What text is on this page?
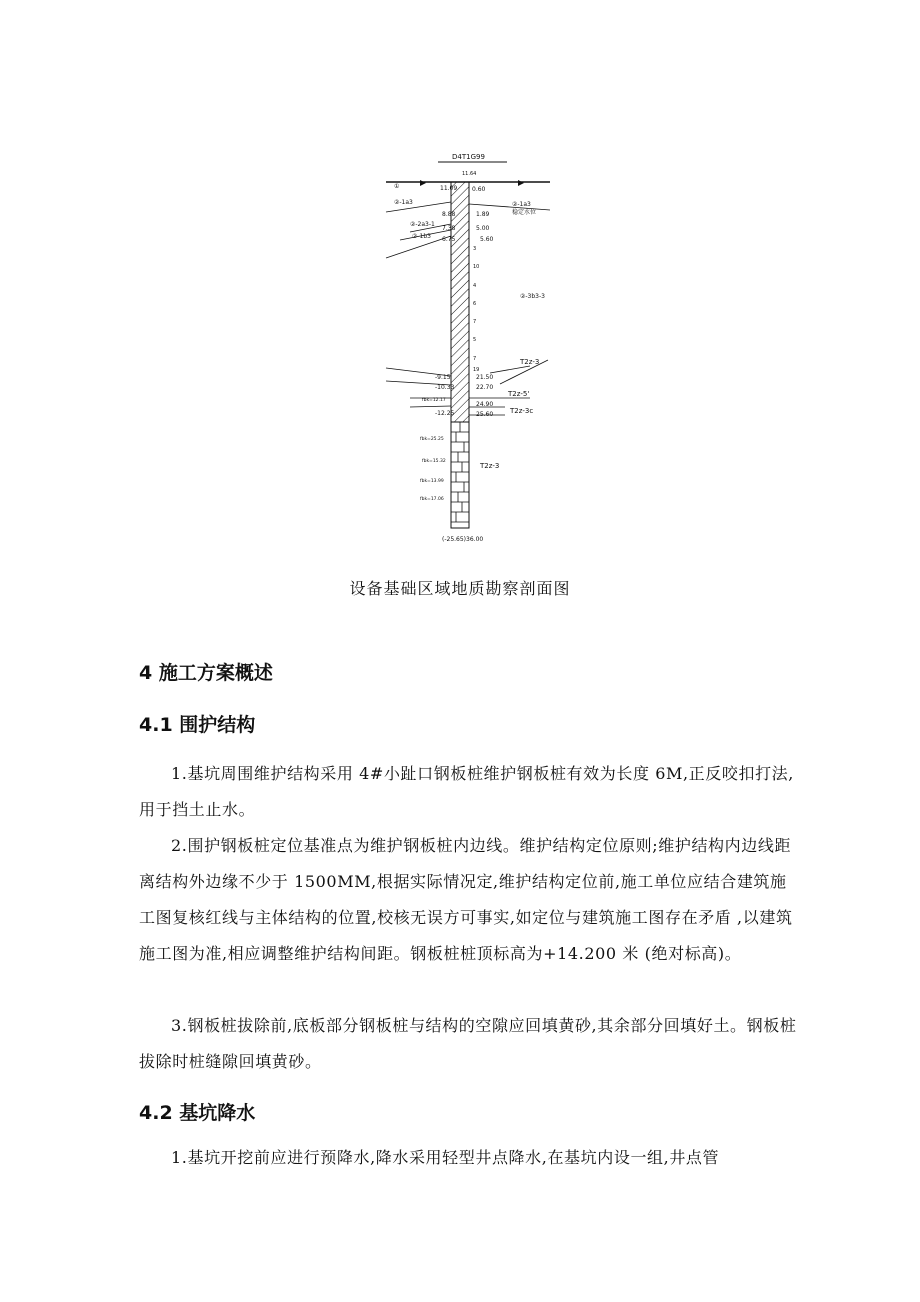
D4T1G99
11.64
11.09
8.88
7.38
6.75
-9.15
-10.33
-12.25
0.60
1.89
5.00
5.60
21.50
22.70
24.90
25.60
3
10
4
6
7
5
7
19
①
②-1a3
②-2a3-1
②-1b3
②-1a3
②-3b3-3
稳定水位
T2z-3
T2z-5'
T2z-3c
T2z-3
fbk=12.17
fbk=25.25
fbk=15.32
fbk=13.99
fbk=17.06
(-25.65)36.00
设备基础区域地质勘察剖面图
4 施工方案概述
4.1 围护结构
1.基坑周围维护结构采用 4#小趾口钢板桩维护钢板桩有效为长度 6M,正反咬扣打法,用于挡土止水。
2.围护钢板桩定位基准点为维护钢板桩内边线。维护结构定位原则;维护结构内边线距离结构外边缘不少于 1500MM,根据实际情况定,维护结构定位前,施工单位应结合建筑施工图复核红线与主体结构的位置,校核无误方可事实,如定位与建筑施工图存在矛盾 ,以建筑施工图为准,相应调整维护结构间距。钢板桩桩顶标高为+14.200 米 (绝对标高)。
3.钢板桩拔除前,底板部分钢板桩与结构的空隙应回填黄砂,其余部分回填好土。钢板桩拔除时桩缝隙回填黄砂。
4.2 基坑降水
1.基坑开挖前应进行预降水,降水采用轻型井点降水,在基坑内设一组,井点管
